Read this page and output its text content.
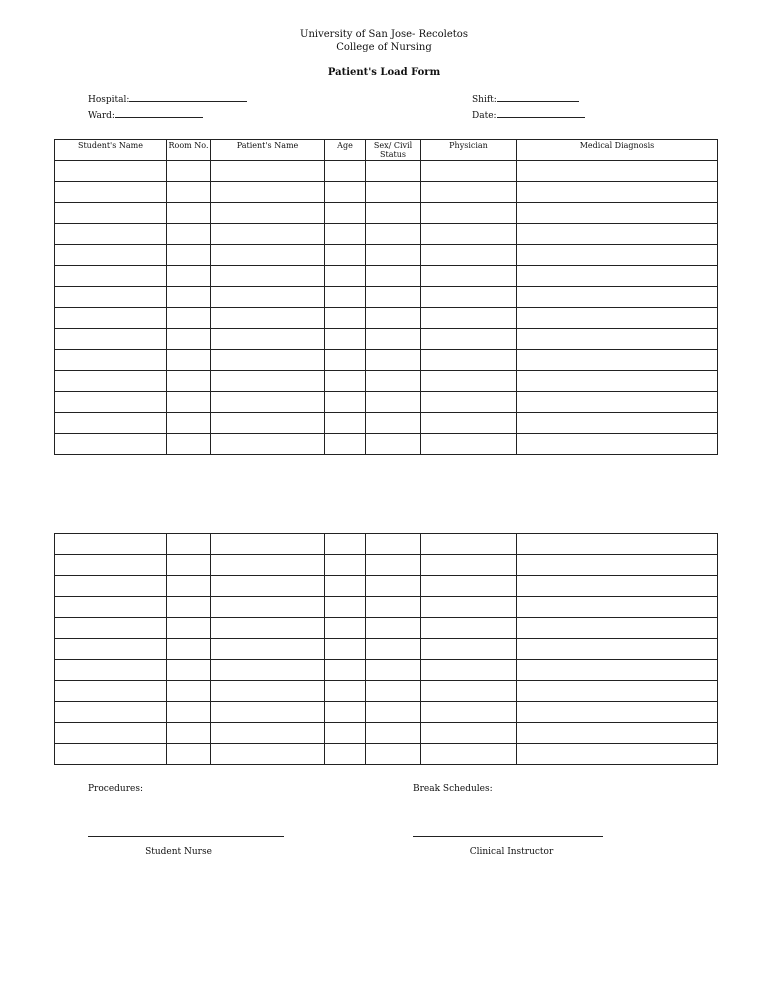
University of San Jose- Recoletos
College of Nursing
Patient's Load Form
Hospital:
Ward:
Shift:
Date:
Student's Name	Room No.	Patient's Name	Age	Sex/ Civil Status	Physician	Medical Diagnosis

Procedures:	Break Schedules:
Student Nurse	Clinical Instructor
